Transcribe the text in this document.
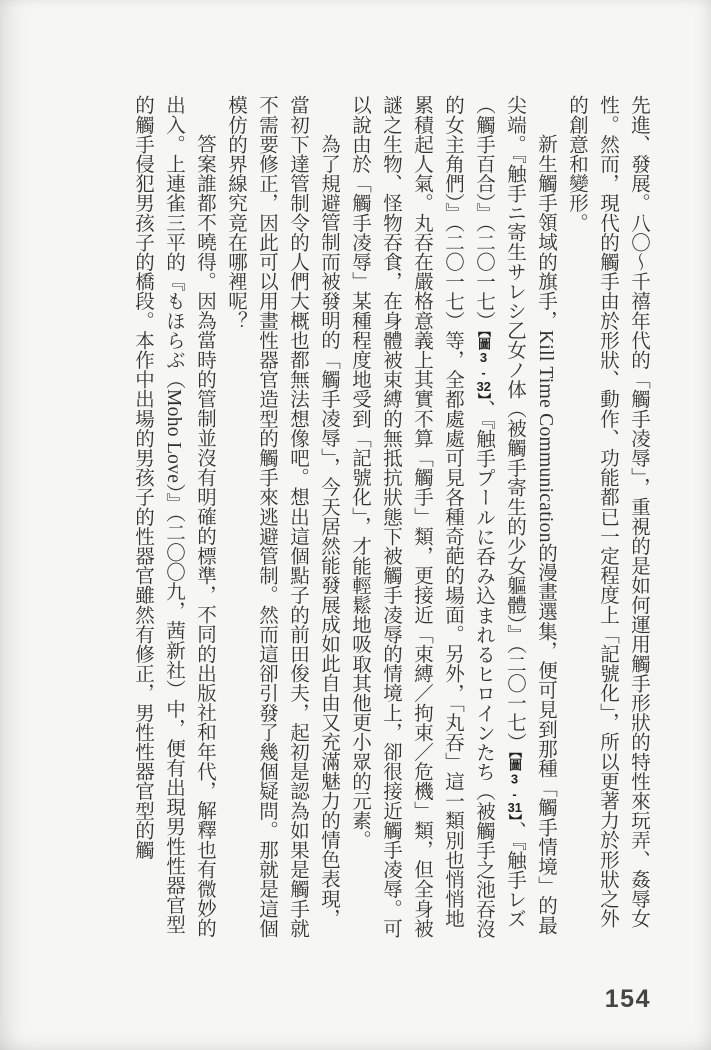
先進、發展。八〇～千禧年代的「觸手凌辱」，重視的是如何運用觸手形狀的特性來玩弄、姦辱女性。然而，現代的觸手由於形狀、動作、功能都已一定程度上「記號化」，所以更著力於形狀之外的創意和變形。

新生觸手領域的旗手，Kill Time Communication的漫畫選集，便可見到那種「觸手情境」的最尖端。『触手ニ寄生サレシ乙女ノ体（被觸手寄生的少女軀體）』（二〇一七）【圖3-31】、『触手レズ（觸手百合）』（二〇一七）【圖3-32】、『触手プールに呑み込まれるヒロインたち（被觸手之池吞沒的女主角們）』（二〇一七）等，全都處處可見各種奇葩的場面。另外，「丸吞」這一類別也悄悄地累積起人氣。丸吞在嚴格意義上其實不算「觸手」類，更接近「束縛／拘束／危機」類，但全身被謎之生物、怪物吞食，在身體被束縛的無抵抗狀態下被觸手凌辱的情境上，卻很接近觸手凌辱。可以說由於「觸手凌辱」某種程度地受到「記號化」，才能輕鬆地吸取其他更小眾的元素。

為了規避管制而被發明的「觸手凌辱」，今天居然能發展成如此自由又充滿魅力的情色表現，當初下達管制令的人們大概也都無法想像吧。想出這個點子的前田俊夫，起初是認為如果是觸手就不需要修正，因此可以用畫性器官造型的觸手來逃避管制。然而這卻引發了幾個疑問。那就是這個模仿的界線究竟在哪裡呢？

答案誰都不曉得。因為當時的管制並沒有明確的標準，不同的出版社和年代，解釋也有微妙的出入。上連雀三平的『もほらぶ（Moho Love）』（二〇〇九，茜新社）中，便有出現男性性器官型的觸手侵犯男孩子的橋段。本作中出場的男孩子的性器官雖然有修正，男性性器官型的觸

154
